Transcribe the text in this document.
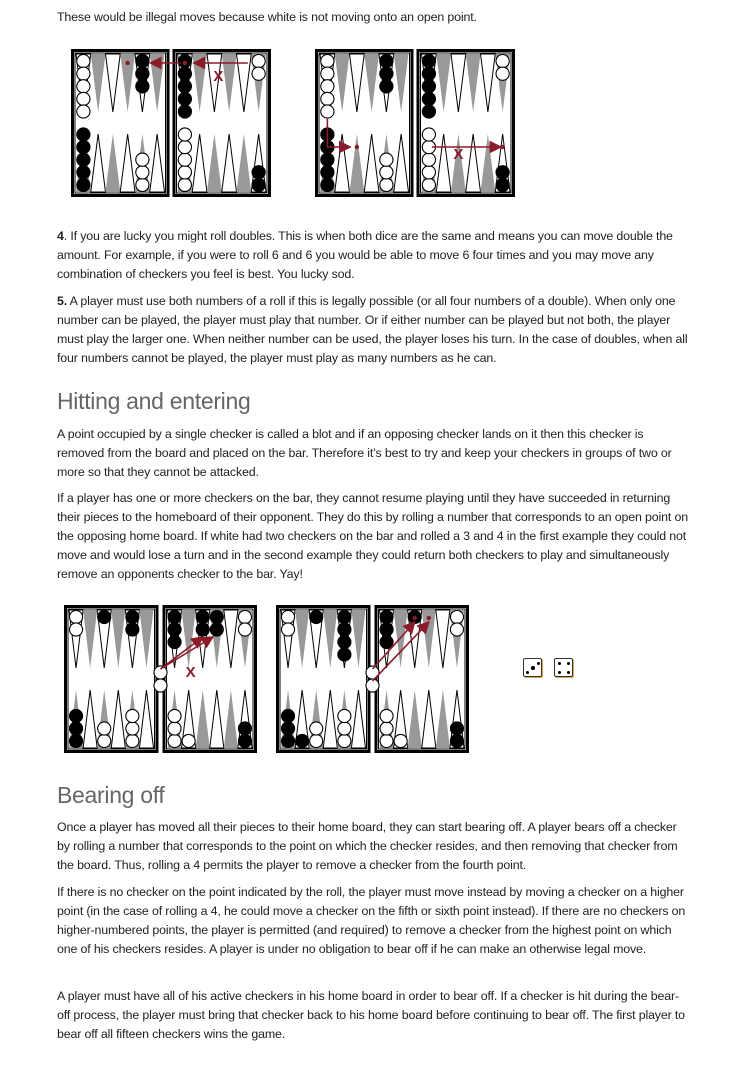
These would be illegal moves because white is not moving onto an open point.

X
X

4. If you are lucky you might roll doubles. This is when both dice are the same and means you can move double the amount. For example, if you were to roll 6 and 6 you would be able to move 6 four times and you may move any combination of checkers you feel is best. You lucky sod.

5. A player must use both numbers of a roll if this is legally possible (or all four numbers of a double). When only one number can be played, the player must play that number. Or if either number can be played but not both, the player must play the larger one. When neither number can be used, the player loses his turn. In the case of doubles, when all four numbers cannot be played, the player must play as many numbers as he can.

Hitting and entering

A point occupied by a single checker is called a blot and if an opposing checker lands on it then this checker is removed from the board and placed on the bar. Therefore it’s best to try and keep your checkers in groups of two or more so that they cannot be attacked.

If a player has one or more checkers on the bar, they cannot resume playing until they have succeeded in returning their pieces to the homeboard of their opponent. They do this by rolling a number that corresponds to an open point on the opposing home board. If white had two checkers on the bar and rolled a 3 and 4 in the first example they could not move and would lose a turn and in the second example they could return both checkers to play and simultaneously remove an opponents checker to the bar. Yay!

X
Bearing off

Once a player has moved all their pieces to their home board, they can start bearing off. A player bears off a checker by rolling a number that corresponds to the point on which the checker resides, and then removing that checker from the board. Thus, rolling a 4 permits the player to remove a checker from the fourth point.

If there is no checker on the point indicated by the roll, the player must move instead by moving a checker on a higher point (in the case of rolling a 4, he could move a checker on the fifth or sixth point instead). If there are no checkers on higher-numbered points, the player is permitted (and required) to remove a checker from the highest point on which one of his checkers resides. A player is under no obligation to bear off if he can make an otherwise legal move.

A player must have all of his active checkers in his home board in order to bear off. If a checker is hit during the bear-off process, the player must bring that checker back to his home board before continuing to bear off. The first player to bear off all fifteen checkers wins the game.
